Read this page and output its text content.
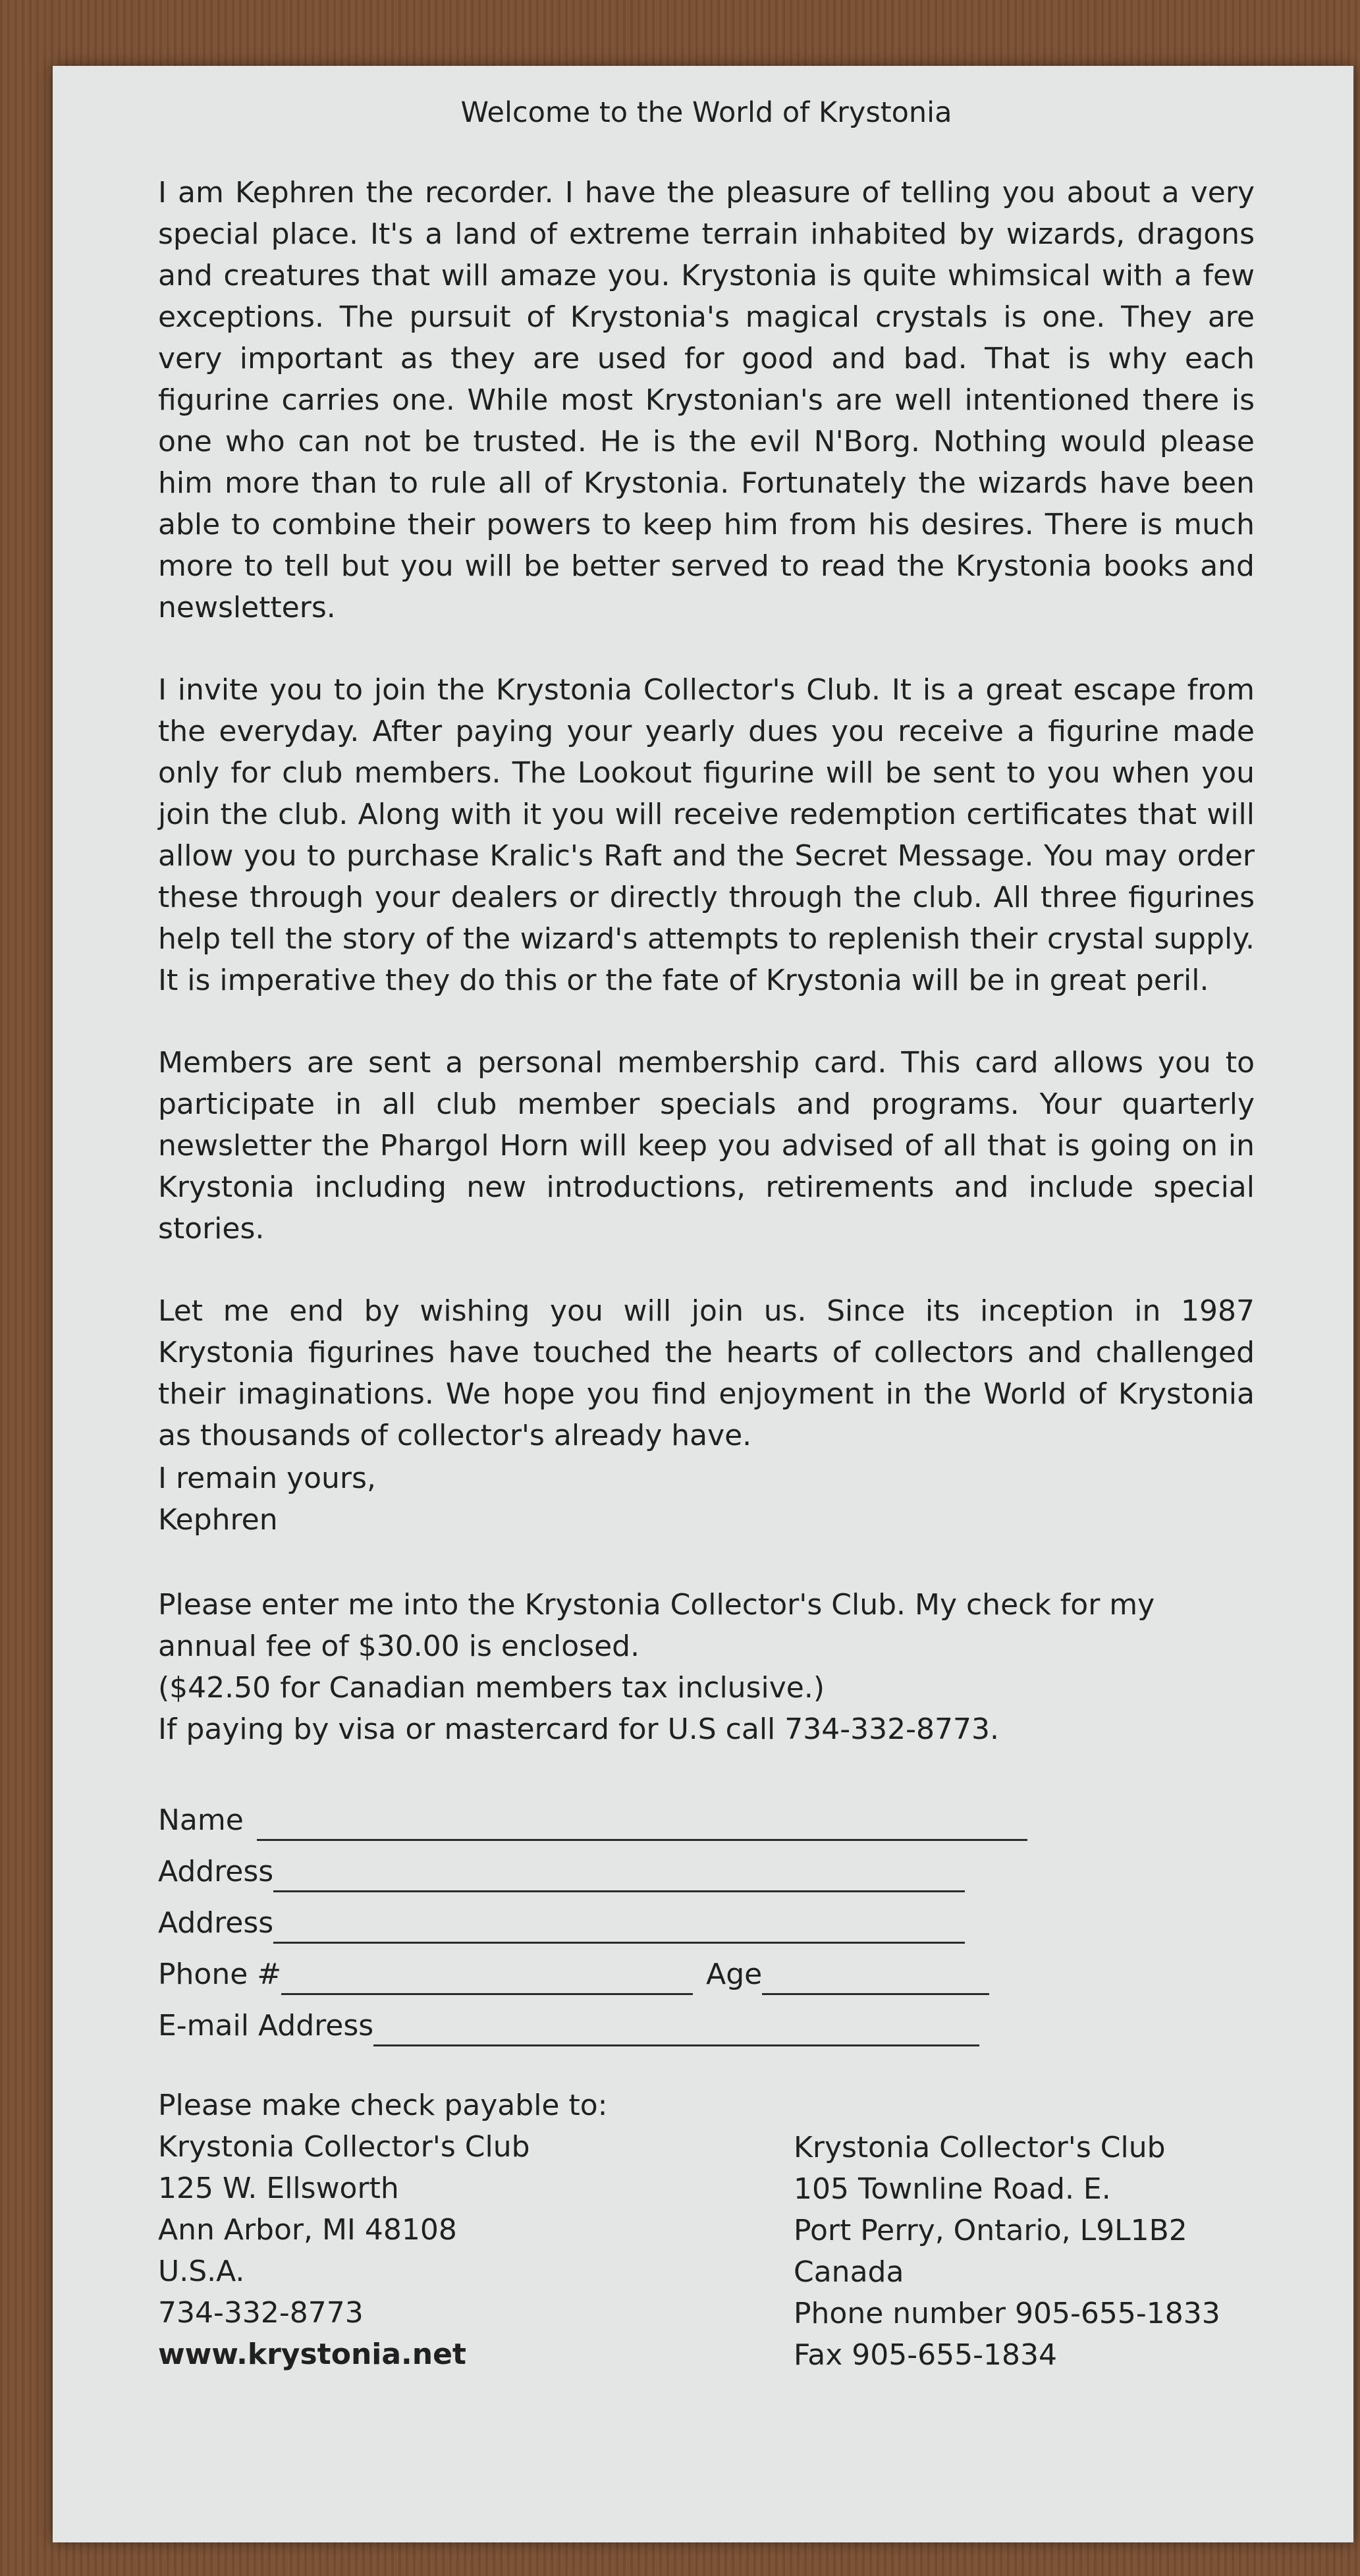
Welcome to the World of Krystonia

I am Kephren the recorder. I have the pleasure of telling you about a very special place. It's a land of extreme terrain inhabited by wizards, dragons and creatures that will amaze you. Krystonia is quite whimsical with a few exceptions. The pursuit of Krystonia's magical crystals is one. They are very important as they are used for good and bad. That is why each figurine carries one. While most Krystonian's are well intentioned there is one who can not be trusted. He is the evil N'Borg. Nothing would please him more than to rule all of Krystonia. Fortunately the wizards have been able to combine their powers to keep him from his desires. There is much more to tell but you will be better served to read the Krystonia books and newsletters.

I invite you to join the Krystonia Collector's Club. It is a great escape from the everyday. After paying your yearly dues you receive a figurine made only for club members. The Lookout figurine will be sent to you when you join the club. Along with it you will receive redemption certificates that will allow you to purchase Kralic's Raft and the Secret Message. You may order these through your dealers or directly through the club. All three figurines help tell the story of the wizard's attempts to replenish their crystal supply. It is imperative they do this or the fate of Krystonia will be in great peril.

Members are sent a personal membership card. This card allows you to participate in all club member specials and programs. Your quarterly newsletter the Phargol Horn will keep you advised of all that is going on in Krystonia including new introductions, retirements and include special stories.

Let me end by wishing you will join us. Since its inception in 1987 Krystonia figurines have touched the hearts of collectors and challenged their imaginations. We hope you find enjoyment in the World of Krystonia as thousands of collector's already have.

I remain yours,
Kephren
Please enter me into the Krystonia Collector's Club. My check for my
annual fee of $30.00 is enclosed.
($42.50 for Canadian members tax inclusive.)
If paying by visa or mastercard for U.S call 734-332-8773.
Name
Address
Address
Phone #	Age
E-mail Address
Please make check payable to:
Krystonia Collector's Club
125 W. Ellsworth
Ann Arbor, MI 48108
U.S.A.
734-332-8773
www.krystonia.net
Krystonia Collector's Club
105 Townline Road. E.
Port Perry, Ontario, L9L1B2
Canada
Phone number 905-655-1833
Fax 905-655-1834
